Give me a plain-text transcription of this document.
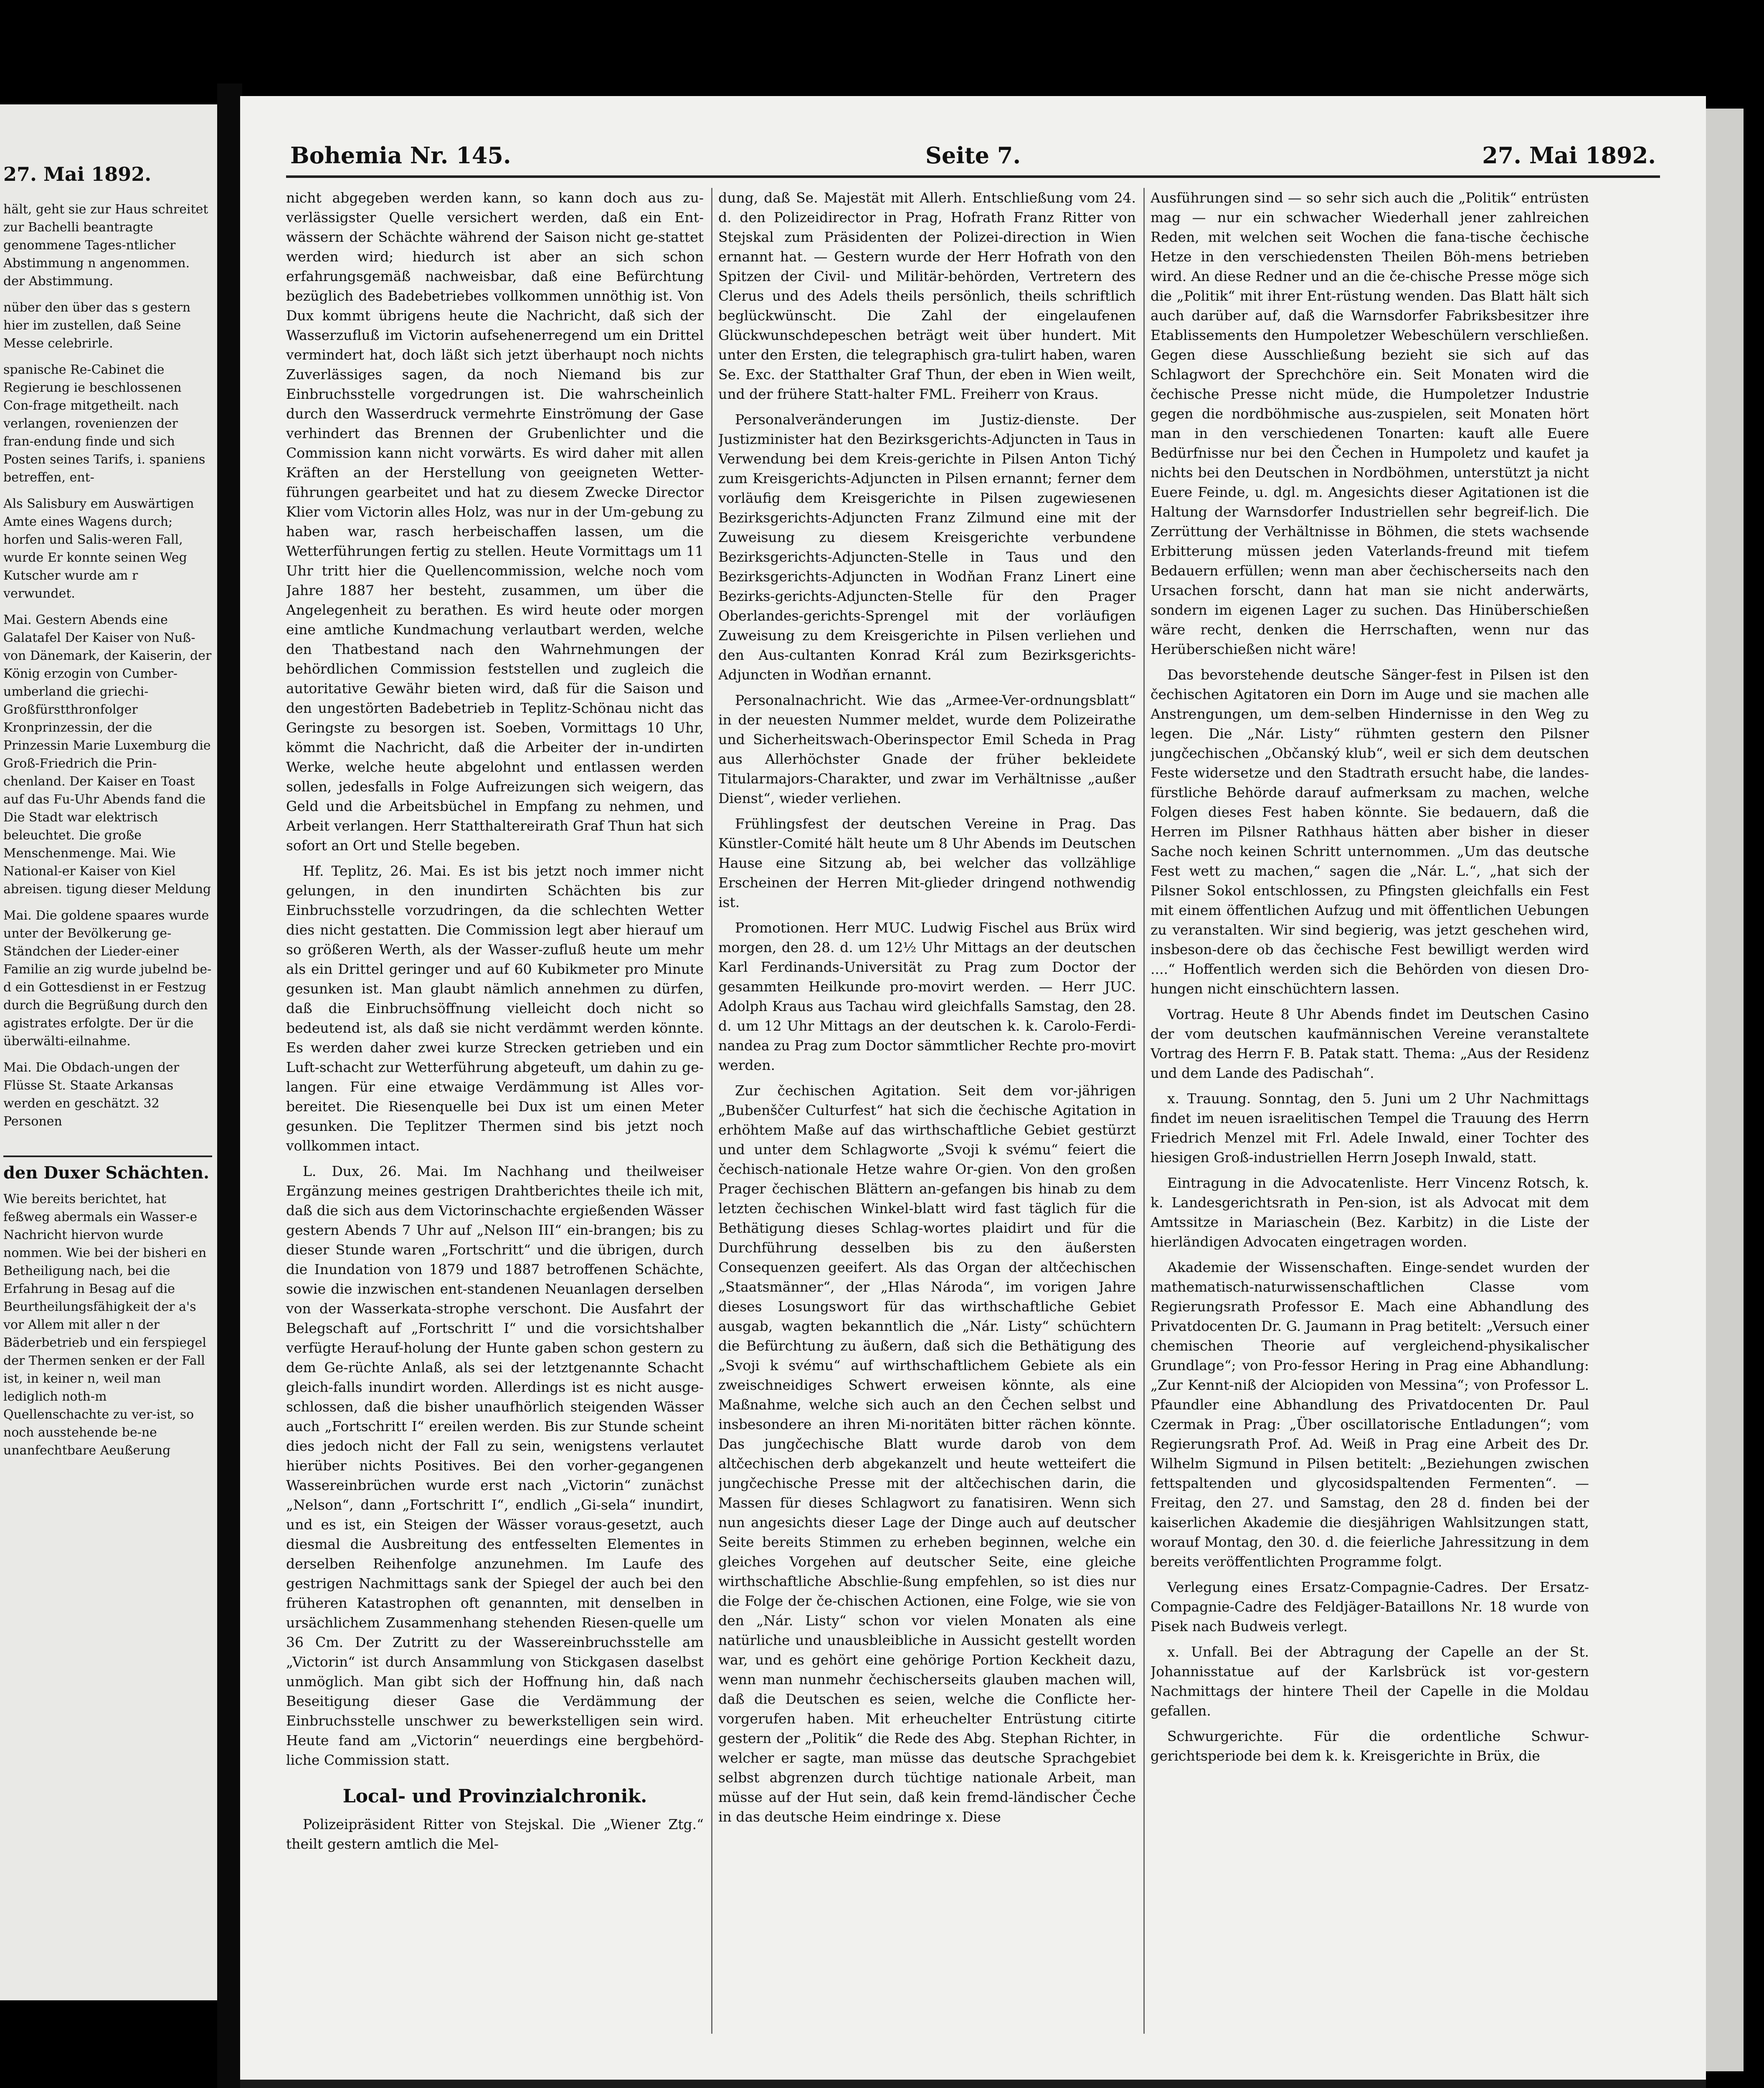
27. Mai 1892.

hält, geht sie zur Haus schreitet zur Bachelli beantragte genommene Tages-ntlicher Abstimmung n angenommen. der Abstimmung.

nüber den über das s gestern hier im zustellen, daß Seine Messe celebrirle.

spanische Re-Cabinet die Regierung ie beschlossenen Con-frage mitgetheilt. nach verlangen, rovenienzen der fran-endung finde und sich Posten seines Tarifs, i. spaniens betreffen, ent-

Als Salisbury em Auswärtigen Amte eines Wagens durch; horfen und Salis-weren Fall, wurde Er konnte seinen Weg Kutscher wurde am r verwundet.

Mai. Gestern Abends eine Galatafel Der Kaiser von Nuß-von Dänemark, der Kaiserin, der König erzogin von Cumber-umberland die griechi-Großfürstthronfolger Kronprinzessin, der die Prinzessin Marie Luxemburg die Groß-Friedrich die Prin-chenland. Der Kaiser en Toast auf das Fu-Uhr Abends fand die Die Stadt war elektrisch beleuchtet. Die große Menschenmenge. Mai. Wie National-er Kaiser von Kiel abreisen. tigung dieser Meldung

Mai. Die goldene spaares wurde unter der Bevölkerung ge-Ständchen der Lieder-einer Familie an zig wurde jubelnd be-d ein Gottesdienst in er Festzug durch die Begrüßung durch den agistrates erfolgte. Der ür die überwälti-eilnahme.

Mai. Die Obdach-ungen der Flüsse St. Staate Arkansas werden en geschätzt. 32 Personen

den Duxer Schächten.

Wie bereits berichtet, hat feßweg abermals ein Wasser-e Nachricht hiervon wurde nommen. Wie bei der bisheri en Betheiligung nach, bei die Erfahrung in Besag auf die Beurtheilungsfähigkeit der a's vor Allem mit aller n der Bäderbetrieb und ein ferspiegel der Thermen senken er der Fall ist, in keiner n, weil man lediglich noth-m Quellenschachte zu ver-ist, so noch ausstehende be-ne unanfechtbare Aeußerung

Bohemia Nr. 145.	Seite 7.	27. Mai 1892.

nicht abgegeben werden kann, so kann doch aus zu-verlässigster Quelle versichert werden, daß ein Ent-wässern der Schächte während der Saison nicht ge-stattet werden wird; hiedurch ist aber an sich schon erfahrungsgemäß nachweisbar, daß eine Befürchtung bezüglich des Badebetriebes vollkommen unnöthig ist. Von Dux kommt übrigens heute die Nachricht, daß sich der Wasserzufluß im Victorin aufsehenerregend um ein Drittel vermindert hat, doch läßt sich jetzt überhaupt noch nichts Zuverlässiges sagen, da noch Niemand bis zur Einbruchsstelle vorgedrungen ist. Die wahrscheinlich durch den Wasserdruck vermehrte Einströmung der Gase verhindert das Brennen der Grubenlichter und die Commission kann nicht vorwärts. Es wird daher mit allen Kräften an der Herstellung von geeigneten Wetter-führungen gearbeitet und hat zu diesem Zwecke Director Klier vom Victorin alles Holz, was nur in der Um-gebung zu haben war, rasch herbeischaffen lassen, um die Wetterführungen fertig zu stellen. Heute Vormittags um 11 Uhr tritt hier die Quellencommission, welche noch vom Jahre 1887 her besteht, zusammen, um über die Angelegenheit zu berathen. Es wird heute oder morgen eine amtliche Kundmachung verlautbart werden, welche den Thatbestand nach den Wahrnehmungen der behördlichen Commission feststellen und zugleich die autoritative Gewähr bieten wird, daß für die Saison und den ungestörten Badebetrieb in Teplitz-Schönau nicht das Geringste zu besorgen ist. Soeben, Vormittags 10 Uhr, kömmt die Nachricht, daß die Arbeiter der in-undirten Werke, welche heute abgelohnt und entlassen werden sollen, jedesfalls in Folge Aufreizungen sich weigern, das Geld und die Arbeitsbüchel in Empfang zu nehmen, und Arbeit verlangen. Herr Statthaltereirath Graf Thun hat sich sofort an Ort und Stelle begeben.

Hf. Teplitz, 26. Mai. Es ist bis jetzt noch immer nicht gelungen, in den inundirten Schächten bis zur Einbruchsstelle vorzudringen, da die schlechten Wetter dies nicht gestatten. Die Commission legt aber hierauf um so größeren Werth, als der Wasser-zufluß heute um mehr als ein Drittel geringer und auf 60 Kubikmeter pro Minute gesunken ist. Man glaubt nämlich annehmen zu dürfen, daß die Einbruchsöffnung vielleicht doch nicht so bedeutend ist, als daß sie nicht verdämmt werden könnte. Es werden daher zwei kurze Strecken getrieben und ein Luft-schacht zur Wetterführung abgeteuft, um dahin zu ge-langen. Für eine etwaige Verdämmung ist Alles vor-bereitet. Die Riesenquelle bei Dux ist um einen Meter gesunken. Die Teplitzer Thermen sind bis jetzt noch vollkommen intact.

L. Dux, 26. Mai. Im Nachhang und theilweiser Ergänzung meines gestrigen Drahtberichtes theile ich mit, daß die sich aus dem Victorinschachte ergießenden Wässer gestern Abends 7 Uhr auf „Nelson III“ ein-brangen; bis zu dieser Stunde waren „Fortschritt“ und die übrigen, durch die Inundation von 1879 und 1887 betroffenen Schächte, sowie die inzwischen ent-standenen Neuanlagen derselben von der Wasserkata-strophe verschont. Die Ausfahrt der Belegschaft auf „Fortschritt I“ und die vorsichtshalber verfügte Herauf-holung der Hunte gaben schon gestern zu dem Ge-rüchte Anlaß, als sei der letztgenannte Schacht gleich-falls inundirt worden. Allerdings ist es nicht ausge-schlossen, daß die bisher unaufhörlich steigenden Wässer auch „Fortschritt I“ ereilen werden. Bis zur Stunde scheint dies jedoch nicht der Fall zu sein, wenigstens verlautet hierüber nichts Positives. Bei den vorher-gegangenen Wassereinbrüchen wurde erst nach „Victorin“ zunächst „Nelson“, dann „Fortschritt I“, endlich „Gi-sela“ inundirt, und es ist, ein Steigen der Wässer voraus-gesetzt, auch diesmal die Ausbreitung des entfesselten Elementes in derselben Reihenfolge anzunehmen. Im Laufe des gestrigen Nachmittags sank der Spiegel der auch bei den früheren Katastrophen oft genannten, mit denselben in ursächlichem Zusammenhang stehenden Riesen-quelle um 36 Cm. Der Zutritt zu der Wassereinbruchsstelle am „Victorin“ ist durch Ansammlung von Stickgasen daselbst unmöglich. Man gibt sich der Hoffnung hin, daß nach Beseitigung dieser Gase die Verdämmung der Einbruchsstelle unschwer zu bewerkstelligen sein wird. Heute fand am „Victorin“ neuerdings eine bergbehörd-liche Commission statt.

Local- und Provinzialchronik.

Polizeipräsident Ritter von Stejskal. Die „Wiener Ztg.“ theilt gestern amtlich die Mel-

dung, daß Se. Majestät mit Allerh. Entschließung vom 24. d. den Polizeidirector in Prag, Hofrath Franz Ritter von Stejskal zum Präsidenten der Polizei-direction in Wien ernannt hat. — Gestern wurde der Herr Hofrath von den Spitzen der Civil- und Militär-behörden, Vertretern des Clerus und des Adels theils persönlich, theils schriftlich beglückwünscht. Die Zahl der eingelaufenen Glückwunschdepeschen beträgt weit über hundert. Mit unter den Ersten, die telegraphisch gra-tulirt haben, waren Se. Exc. der Statthalter Graf Thun, der eben in Wien weilt, und der frühere Statt-halter FML. Freiherr von Kraus.

Personalveränderungen im Justiz-dienste. Der Justizminister hat den Bezirksgerichts-Adjuncten in Taus in Verwendung bei dem Kreis-gerichte in Pilsen Anton Tichý zum Kreisgerichts-Adjuncten in Pilsen ernannt; ferner dem vorläufig dem Kreisgerichte in Pilsen zugewiesenen Bezirksgerichts-Adjuncten Franz Zilmund eine mit der Zuweisung zu diesem Kreisgerichte verbundene Bezirksgerichts-Adjuncten-Stelle in Taus und den Bezirksgerichts-Adjuncten in Wodňan Franz Linert eine Bezirks-gerichts-Adjuncten-Stelle für den Prager Oberlandes-gerichts-Sprengel mit der vorläufigen Zuweisung zu dem Kreisgerichte in Pilsen verliehen und den Aus-cultanten Konrad Král zum Bezirksgerichts-Adjuncten in Wodňan ernannt.

Personalnachricht. Wie das „Armee-Ver-ordnungsblatt“ in der neuesten Nummer meldet, wurde dem Polizeirathe und Sicherheitswach-Oberinspector Emil Scheda in Prag aus Allerhöchster Gnade der früher bekleidete Titularmajors-Charakter, und zwar im Verhältnisse „außer Dienst“, wieder verliehen.

Frühlingsfest der deutschen Vereine in Prag. Das Künstler-Comité hält heute um 8 Uhr Abends im Deutschen Hause eine Sitzung ab, bei welcher das vollzählige Erscheinen der Herren Mit-glieder dringend nothwendig ist.

Promotionen. Herr MUC. Ludwig Fischel aus Brüx wird morgen, den 28. d. um 12½ Uhr Mittags an der deutschen Karl Ferdinands-Universität zu Prag zum Doctor der gesammten Heilkunde pro-movirt werden. — Herr JUC. Adolph Kraus aus Tachau wird gleichfalls Samstag, den 28. d. um 12 Uhr Mittags an der deutschen k. k. Carolo-Ferdi-nandea zu Prag zum Doctor sämmtlicher Rechte pro-movirt werden.

Zur čechischen Agitation. Seit dem vor-jährigen „Bubenščer Culturfest“ hat sich die čechische Agitation in erhöhtem Maße auf das wirthschaftliche Gebiet gestürzt und unter dem Schlagworte „Svoji k svému“ feiert die čechisch-nationale Hetze wahre Or-gien. Von den großen Prager čechischen Blättern an-gefangen bis hinab zu dem letzten čechischen Winkel-blatt wird fast täglich für die Bethätigung dieses Schlag-wortes plaidirt und für die Durchführung desselben bis zu den äußersten Consequenzen geeifert. Als das Organ der altčechischen „Staatsmänner“, der „Hlas Národa“, im vorigen Jahre dieses Losungswort für das wirthschaftliche Gebiet ausgab, wagten bekanntlich die „Nár. Listy“ schüchtern die Befürchtung zu äußern, daß sich die Bethätigung des „Svoji k svému“ auf wirthschaftlichem Gebiete als ein zweischneidiges Schwert erweisen könnte, als eine Maßnahme, welche sich auch an den Čechen selbst und insbesondere an ihren Mi-noritäten bitter rächen könnte. Das jungčechische Blatt wurde darob von dem altčechischen derb abgekanzelt und heute wetteifert die jungčechische Presse mit der altčechischen darin, die Massen für dieses Schlagwort zu fanatisiren. Wenn sich nun angesichts dieser Lage der Dinge auch auf deutscher Seite bereits Stimmen zu erheben beginnen, welche ein gleiches Vorgehen auf deutscher Seite, eine gleiche wirthschaftliche Abschlie-ßung empfehlen, so ist dies nur die Folge der če-chischen Actionen, eine Folge, wie sie von den „Nár. Listy“ schon vor vielen Monaten als eine natürliche und unausbleibliche in Aussicht gestellt worden war, und es gehört eine gehörige Portion Keckheit dazu, wenn man nunmehr čechischerseits glauben machen will, daß die Deutschen es seien, welche die Conflicte her-vorgerufen haben. Mit erheuchelter Entrüstung citirte gestern der „Politik“ die Rede des Abg. Stephan Richter, in welcher er sagte, man müsse das deutsche Sprachgebiet selbst abgrenzen durch tüchtige nationale Arbeit, man müsse auf der Hut sein, daß kein fremd-ländischer Čeche in das deutsche Heim eindringe x. Diese

Ausführungen sind — so sehr sich auch die „Politik“ entrüsten mag — nur ein schwacher Wiederhall jener zahlreichen Reden, mit welchen seit Wochen die fana-tische čechische Hetze in den verschiedensten Theilen Böh-mens betrieben wird. An diese Redner und an die če-chische Presse möge sich die „Politik“ mit ihrer Ent-rüstung wenden. Das Blatt hält sich auch darüber auf, daß die Warnsdorfer Fabriksbesitzer ihre Etablissements den Humpoletzer Webeschülern verschließen. Gegen diese Ausschließung bezieht sie sich auf das Schlagwort der Sprechchöre ein. Seit Monaten wird die čechische Presse nicht müde, die Humpoletzer Industrie gegen die nordböhmische aus-zuspielen, seit Monaten hört man in den verschiedenen Tonarten: kauft alle Euere Bedürfnisse nur bei den Čechen in Humpoletz und kaufet ja nichts bei den Deutschen in Nordböhmen, unterstützt ja nicht Euere Feinde, u. dgl. m. Angesichts dieser Agitationen ist die Haltung der Warnsdorfer Industriellen sehr begreif-lich. Die Zerrüttung der Verhältnisse in Böhmen, die stets wachsende Erbitterung müssen jeden Vaterlands-freund mit tiefem Bedauern erfüllen; wenn man aber čechischerseits nach den Ursachen forscht, dann hat man sie nicht anderwärts, sondern im eigenen Lager zu suchen. Das Hinüberschießen wäre recht, denken die Herrschaften, wenn nur das Herüberschießen nicht wäre!

Das bevorstehende deutsche Sänger-fest in Pilsen ist den čechischen Agitatoren ein Dorn im Auge und sie machen alle Anstrengungen, um dem-selben Hindernisse in den Weg zu legen. Die „Nár. Listy“ rühmten gestern den Pilsner jungčechischen „Občanský klub“, weil er sich dem deutschen Feste widersetze und den Stadtrath ersucht habe, die landes-fürstliche Behörde darauf aufmerksam zu machen, welche Folgen dieses Fest haben könnte. Sie bedauern, daß die Herren im Pilsner Rathhaus hätten aber bisher in dieser Sache noch keinen Schritt unternommen. „Um das deutsche Fest wett zu machen,“ sagen die „Nár. L.“, „hat sich der Pilsner Sokol entschlossen, zu Pfingsten gleichfalls ein Fest mit einem öffentlichen Aufzug und mit öffentlichen Uebungen zu veranstalten. Wir sind begierig, was jetzt geschehen wird, insbeson-dere ob das čechische Fest bewilligt werden wird ....“ Hoffentlich werden sich die Behörden von diesen Dro-hungen nicht einschüchtern lassen.

Vortrag. Heute 8 Uhr Abends findet im Deutschen Casino der vom deutschen kaufmännischen Vereine veranstaltete Vortrag des Herrn F. B. Patak statt. Thema: „Aus der Residenz und dem Lande des Padischah“.

x. Trauung. Sonntag, den 5. Juni um 2 Uhr Nachmittags findet im neuen israelitischen Tempel die Trauung des Herrn Friedrich Menzel mit Frl. Adele Inwald, einer Tochter des hiesigen Groß-industriellen Herrn Joseph Inwald, statt.

Eintragung in die Advocatenliste. Herr Vincenz Rotsch, k. k. Landesgerichtsrath in Pen-sion, ist als Advocat mit dem Amtssitze in Mariaschein (Bez. Karbitz) in die Liste der hierländigen Advocaten eingetragen worden.

Akademie der Wissenschaften. Einge-sendet wurden der mathematisch-naturwissenschaftlichen Classe vom Regierungsrath Professor E. Mach eine Abhandlung des Privatdocenten Dr. G. Jaumann in Prag betitelt: „Versuch einer chemischen Theorie auf vergleichend-physikalischer Grundlage“; von Pro-fessor Hering in Prag eine Abhandlung: „Zur Kennt-niß der Alciopiden von Messina“; von Professor L. Pfaundler eine Abhandlung des Privatdocenten Dr. Paul Czermak in Prag: „Über oscillatorische Entladungen“; vom Regierungsrath Prof. Ad. Weiß in Prag eine Arbeit des Dr. Wilhelm Sigmund in Pilsen betitelt: „Beziehungen zwischen fettspaltenden und glycosidspaltenden Fermenten“. — Freitag, den 27. und Samstag, den 28 d. finden bei der kaiserlichen Akademie die diesjährigen Wahlsitzungen statt, worauf Montag, den 30. d. die feierliche Jahressitzung in dem bereits veröffentlichten Programme folgt.

Verlegung eines Ersatz-Compagnie-Cadres. Der Ersatz-Compagnie-Cadre des Feldjäger-Bataillons Nr. 18 wurde von Pisek nach Budweis verlegt.

x. Unfall. Bei der Abtragung der Capelle an der St. Johannisstatue auf der Karlsbrück ist vor-gestern Nachmittags der hintere Theil der Capelle in die Moldau gefallen.

Schwurgerichte. Für die ordentliche Schwur-gerichtsperiode bei dem k. k. Kreisgerichte in Brüx, die
